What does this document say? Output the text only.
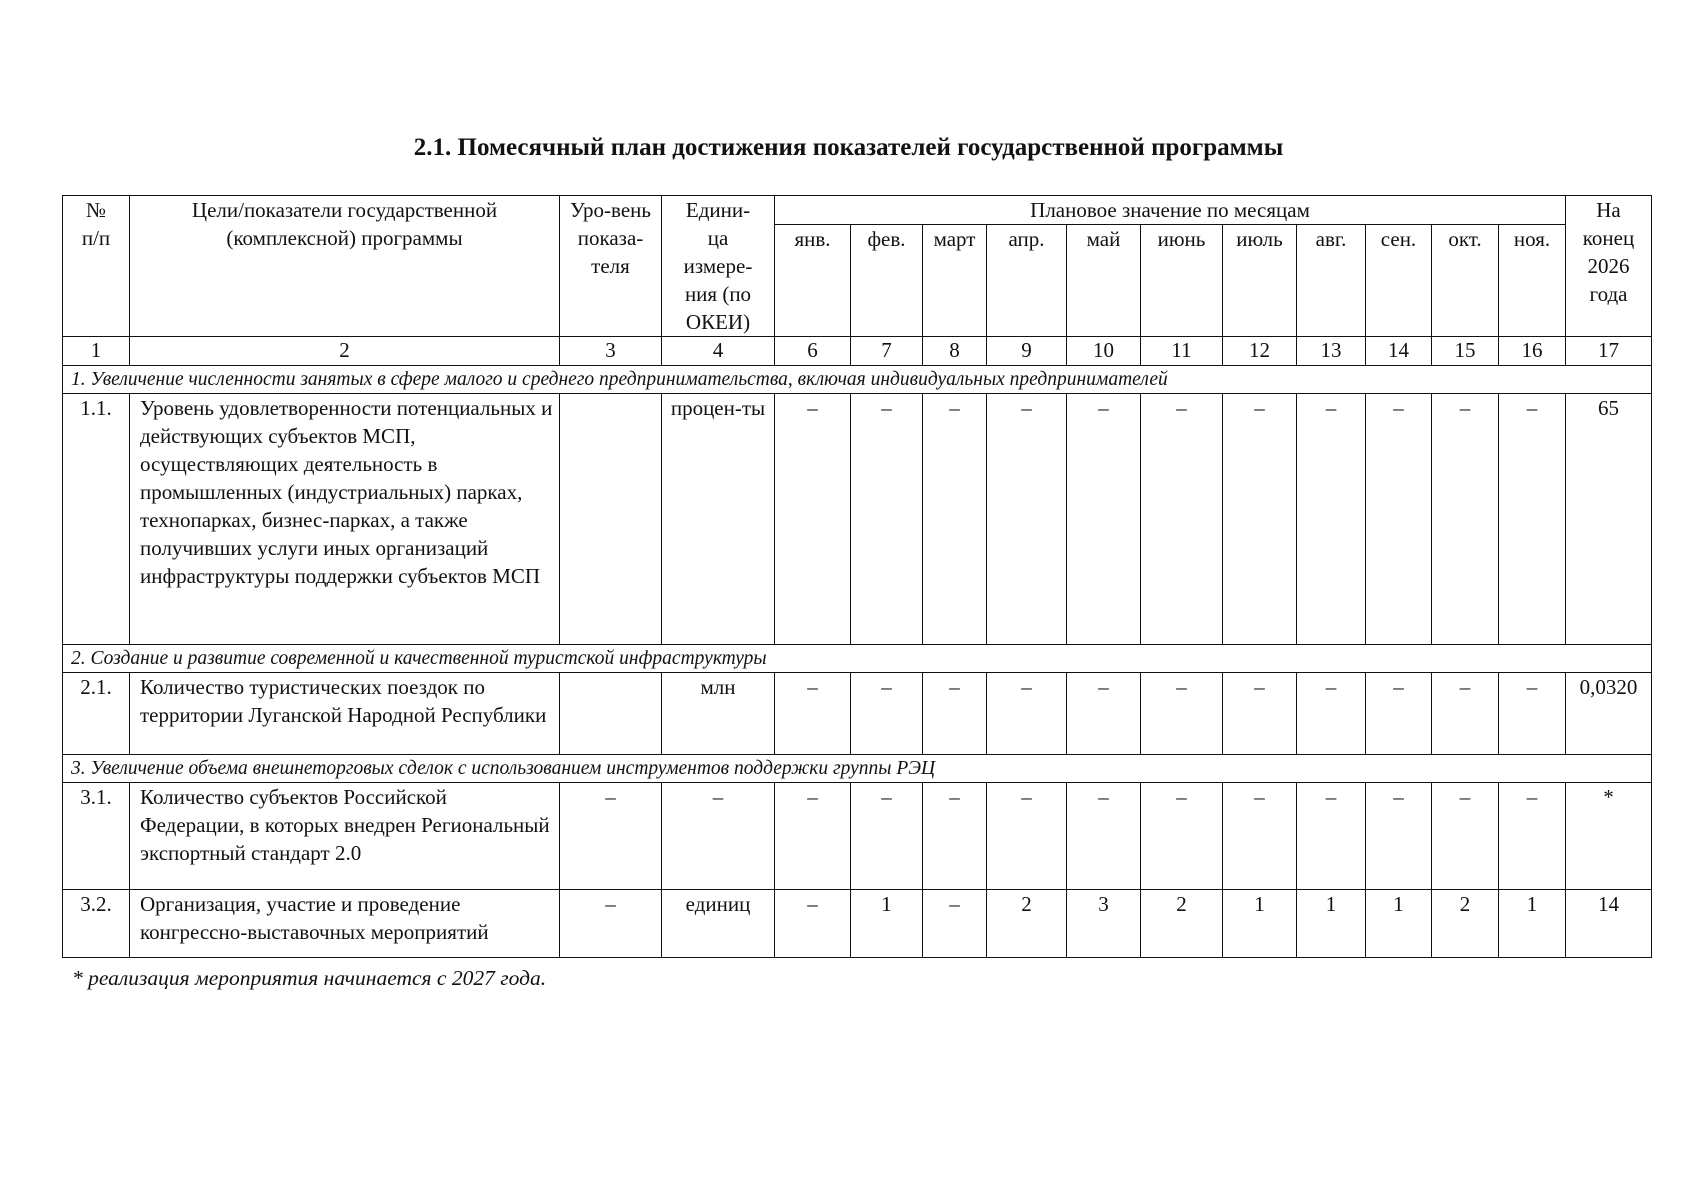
2.1. Помесячный план достижения показателей государственной программы
№ п/п	Цели/показатели государственной (комплексной) программы	Уро-вень показа-теля	Едини-ца измере-ния (по ОКЕИ)	Плановое значение по месяцам											На конец 2026 года
				янв.	фев.	март	апр.	май	июнь	июль	авг.	сен.	окт.	ноя.	
1	2	3	4	6	7	8	9	10	11	12	13	14	15	16	17
1. Увеличение численности занятых в сфере малого и среднего предпринимательства, включая индивидуальных предпринимателей															
1.1.	Уровень удовлетворенности потенциальных и действующих субъектов МСП, осуществляющих деятельность в промышленных (индустриальных) парках, технопарках, бизнес-парках, а также получивших услуги иных организаций инфраструктуры поддержки субъектов МСП		процен-ты	–	–	–	–	–	–	–	–	–	–	–	65
2. Создание и развитие современной и качественной туристской инфраструктуры															
2.1.	Количество туристических поездок по территории Луганской Народной Республики		млн	–	–	–	–	–	–	–	–	–	–	–	0,0320
3. Увеличение объема внешнеторговых сделок с использованием инструментов поддержки группы РЭЦ															
3.1.	Количество субъектов Российской Федерации, в которых внедрен Региональный экспортный стандарт 2.0	–	–	–	–	–	–	–	–	–	–	–	–	–	*
3.2.	Организация, участие и проведение конгрессно-выставочных мероприятий	–	единиц	–	1	–	2	3	2	1	1	1	2	1	14
* реализация мероприятия начинается с 2027 года.
